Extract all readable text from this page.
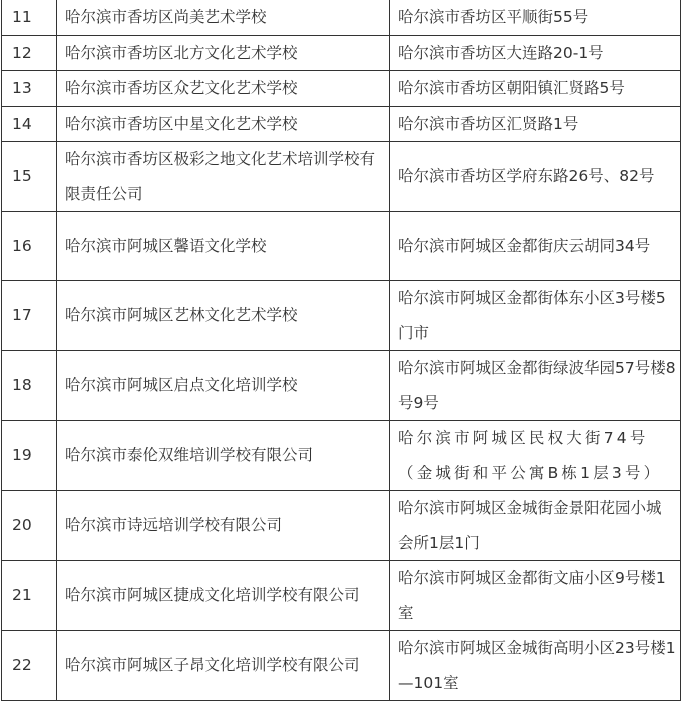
11	哈尔滨市香坊区尚美艺术学校	哈尔滨市香坊区平顺街55号

12	哈尔滨市香坊区北方文化艺术学校	哈尔滨市香坊区大连路20-1号

13	哈尔滨市香坊区众艺文化艺术学校	哈尔滨市香坊区朝阳镇汇贤路5号

14	哈尔滨市香坊区中星文化艺术学校	哈尔滨市香坊区汇贤路1号

15	哈尔滨市香坊区极彩之地文化艺术培训学校有限责任公司	哈尔滨市香坊区学府东路26号、82号

16	哈尔滨市阿城区馨语文化学校	哈尔滨市阿城区金都街庆云胡同34号

17	哈尔滨市阿城区艺林文化艺术学校	哈尔滨市阿城区金都街体东小区3号楼5门市

18	哈尔滨市阿城区启点文化培训学校	哈尔滨市阿城区金都街绿波华园57号楼8号9号

19	哈尔滨市泰伦双维培训学校有限公司	哈尔滨市阿城区民权大街74号（金城街和平公寓B栋1层3号）

20	哈尔滨市诗远培训学校有限公司	哈尔滨市阿城区金城街金景阳花园小城会所1层1门

21	哈尔滨市阿城区捷成文化培训学校有限公司	哈尔滨市阿城区金都街文庙小区9号楼1室

22	哈尔滨市阿城区子昂文化培训学校有限公司	哈尔滨市阿城区金城街高明小区23号楼1—101室
